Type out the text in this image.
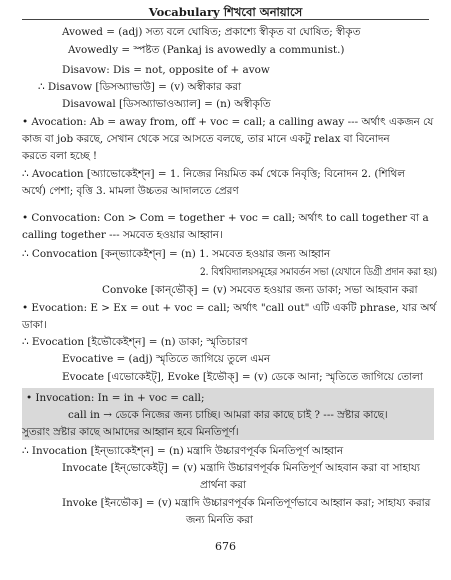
Vocabulary শিখবো অনায়াসে
Avowed = (adj) সত্য বলে ঘোষিত; প্রকাশ্যে স্বীকৃত বা ঘোষিত; স্বীকৃত
Avowedly = স্পষ্টত (Pankaj is avowedly a communist.)
Disavow: Dis = not, opposite of + avow
∴ Disavow [ডিসঅ্যাভাউ] = (v) অস্বীকার করা
Disavowal [ডিসঅ্যাভাওঅ্যাল] = (n) অস্বীকৃতি
• Avocation: Ab = away from, off + voc = call; a calling away --- অর্থাৎ একজন যে
কাজ বা job করছে, সেখান থেকে সরে আসতে বলছে, তার মানে একটু relax বা বিনোদন
করতে বলা হচ্ছে !
∴ Avocation [অ্যাভোকেইশ্‌ন] = 1. নিজের নিয়মিত কর্ম থেকে নিবৃত্তি; বিনোদন 2. (শিথিল
অর্থে) পেশা; বৃত্তি 3. মামলা উচ্চতর আদালতে প্রেরণ
• Convocation: Con > Com = together + voc = call; অর্থাৎ to call together বা a
calling together --- সমবেত হওয়ার আহ্বান।
∴ Convocation [কন্‌ভ্যাকেইশ্‌ন] = (n) 1. সমবেত হওয়ার জন্য আহ্বান
2. বিশ্ববিদ্যালয়সমূহের সমাবর্তন সভা (যেখানে ডিগ্রী প্রদান করা হয়)
Convoke [কান্‌ভৌক্] = (v) সমবেত হওয়ার জন্য ডাকা; সভা আহবান করা
• Evocation: E > Ex = out + voc = call; অর্থাৎ "call out" এটি একটি phrase, যার অর্থ
ডাকা।
∴ Evocation [ইভৌকেইশ্‌ন] = (n) ডাকা; স্মৃতিচারণ
Evocative = (adj) স্মৃতিতে জাগিয়ে তুলে এমন
Evocate [এভোকেইট্], Evoke [ইভৌক্] = (v) ডেকে আনা; স্মৃতিতে জাগিয়ে তোলা
• Invocation: In = in + voc = call;
call in → ডেকে নিজের জন্য চাচ্ছি। আমরা কার কাছে চাই ? --- স্রষ্টার কাছে।
সুতরাং স্রষ্টার কাছে আমাদের আহ্বান হবে মিনতিপূর্ণ।
∴ Invocation [ইন্‌ভ্যাকেইশ্‌ন] = (n) মন্ত্রাদি উচ্চারণপূর্বক মিনতিপূর্ণ আহ্বান
Invocate [ইন্‌ভোকেইট্] = (v) মন্ত্রাদি উচ্চারণপূর্বক মিনতিপূর্ণ আহবান করা বা সাহায্য
প্রার্থনা করা
Invoke [ইনভৌক] = (v) মন্ত্রাদি উচ্চারণপূর্বক মিনতিপূর্ণভাবে আহ্বান করা; সাহায্য করার
জন্য মিনতি করা
676
